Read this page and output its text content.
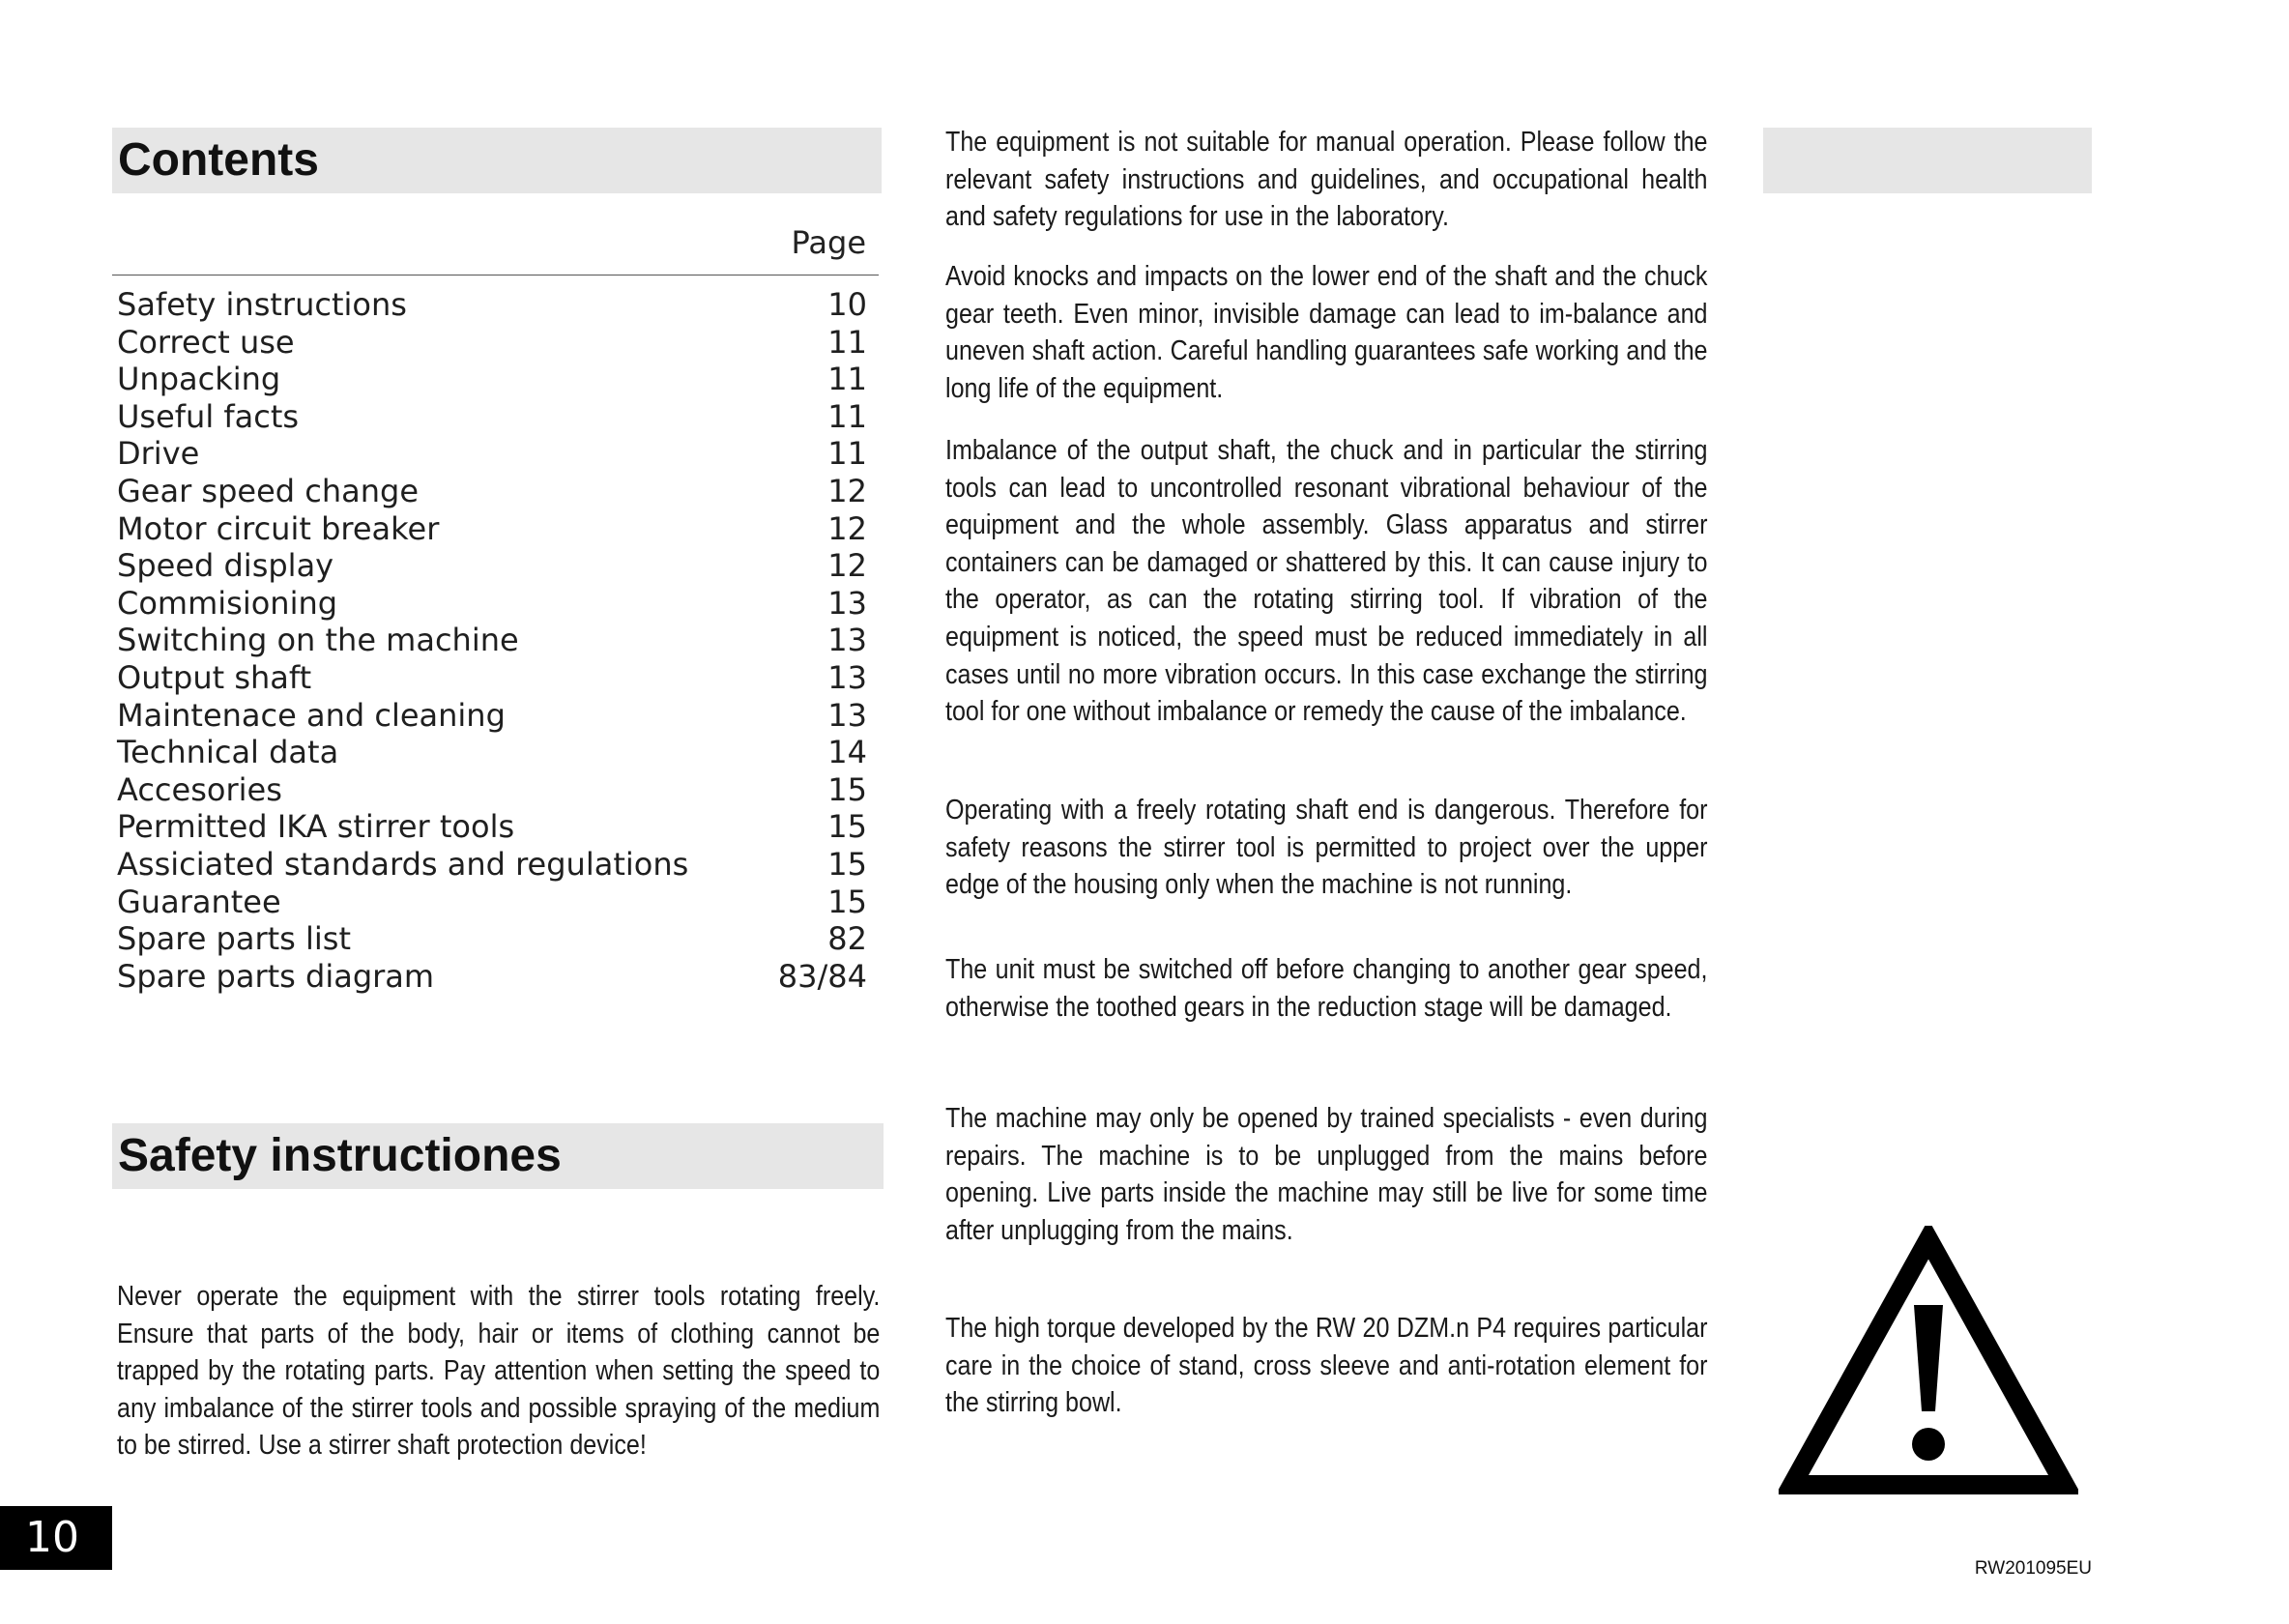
Contents
Page
Safety instructions	10
Correct use	11
Unpacking	11
Useful facts	11
Drive	11
Gear speed change	12
Motor circuit breaker	12
Speed display	12
Commisioning	13
Switching on the machine	13
Output shaft	13
Maintenace and cleaning	13
Technical data	14
Accesories	15
Permitted IKA stirrer tools	15
Assiciated standards and regulations	15
Guarantee	15
Spare parts list	82
Spare parts diagram	83/84
Safety instructiones

Never operate the equipment with the stirrer tools rotating freely. Ensure that parts of the body, hair or items of clothing cannot be trapped by the rotating parts. Pay attention when setting the speed to any imbalance of the stirrer tools and possible spraying of the medium to be stirred. Use a stirrer shaft protection device!

The equipment is not suitable for manual operation. Please follow the relevant safety instructions and guidelines, and occupational health and safety regulations for use in the laboratory.

Avoid knocks and impacts on the lower end of the shaft and the chuck gear teeth. Even minor, invisible damage can lead to im-balance and uneven shaft action. Careful handling guarantees safe working and the long life of the equipment.

Imbalance of the output shaft, the chuck and in particular the stirring tools can lead to uncontrolled resonant vibrational behaviour of the equipment and the whole assembly. Glass apparatus and stirrer containers can be damaged or shattered by this. It can cause injury to the operator, as can the rotating stirring tool. If vibration of the equipment is noticed, the speed must be reduced immediately in all cases until no more vibration occurs. In this case exchange the stirring tool for one without imbalance or remedy the cause of the imbalance.

Operating with a freely rotating shaft end is dangerous. Therefore for safety reasons the stirrer tool is permitted to project over the upper edge of the housing only when the machine is not running.

The unit must be switched off before changing to another gear speed, otherwise the toothed gears in the reduction stage will be damaged.

The machine may only be opened by trained specialists - even during repairs. The machine is to be unplugged from the mains before opening. Live parts inside the machine may still be live for some time after unplugging from the mains.

The high torque developed by the RW 20 DZM.n P4 requires particular care in the choice of stand, cross sleeve and anti-rotation element for the stirring bowl.

10
RW201095EU
